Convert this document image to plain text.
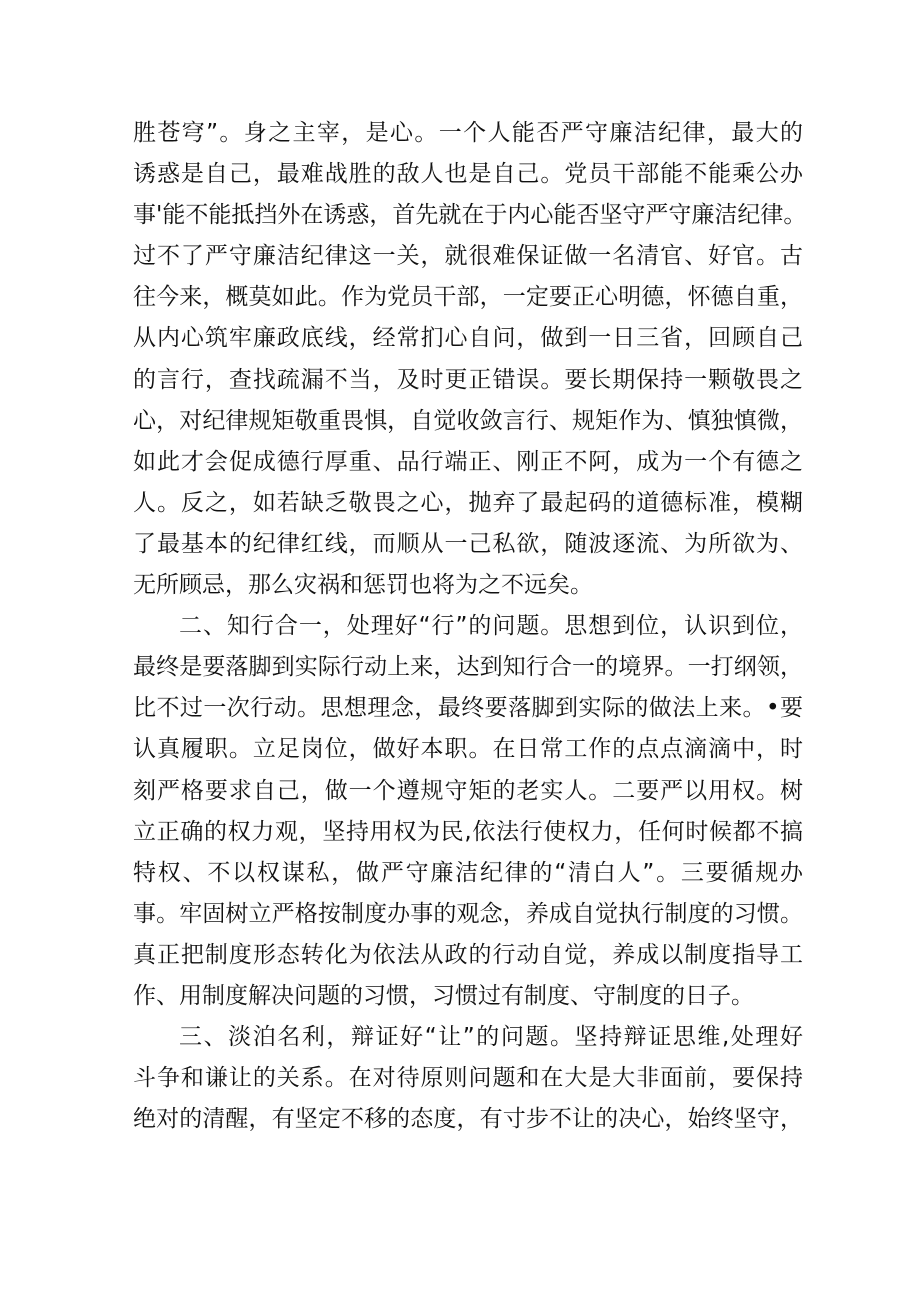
胜苍穹”。身之主宰，是心。一个人能否严守廉洁纪律，最大的
诱惑是自己，最难战胜的敌人也是自己。党员干部能不能乘公办
事'能不能抵挡外在诱惑，首先就在于内心能否坚守严守廉洁纪律。
过不了严守廉洁纪律这一关，就很难保证做一名清官、好官。古
往今来，概莫如此。作为党员干部，一定要正心明德，怀德自重，
从内心筑牢廉政底线，经常扪心自问，做到一日三省，回顾自己
的言行，查找疏漏不当，及时更正错误。要长期保持一颗敬畏之
心，对纪律规矩敬重畏惧，自觉收敛言行、规矩作为、慎独慎微，
如此才会促成德行厚重、品行端正、刚正不阿，成为一个有德之
人。反之，如若缺乏敬畏之心，抛弃了最起码的道德标准，模糊
了最基本的纪律红线，而顺从一己私欲，随波逐流、为所欲为、
无所顾忌，那么灾祸和惩罚也将为之不远矣。
二、知行合一，处理好“行”的问题。思想到位，认识到位，
最终是要落脚到实际行动上来，达到知行合一的境界。一打纲领，
比不过一次行动。思想理念，最终要落脚到实际的做法上来。•要
认真履职。立足岗位，做好本职。在日常工作的点点滴滴中，时
刻严格要求自己，做一个遵规守矩的老实人。二要严以用权。树
立正确的权力观，坚持用权为民,依法行使权力，任何时候都不搞
特权、不以权谋私，做严守廉洁纪律的“清白人”。三要循规办
事。牢固树立严格按制度办事的观念，养成自觉执行制度的习惯。
真正把制度形态转化为依法从政的行动自觉，养成以制度指导工
作、用制度解决问题的习惯，习惯过有制度、守制度的日子。
三、淡泊名利，辩证好“让”的问题。坚持辩证思维,处理好
斗争和谦让的关系。在对待原则问题和在大是大非面前，要保持
绝对的清醒，有坚定不移的态度，有寸步不让的决心，始终坚守，
